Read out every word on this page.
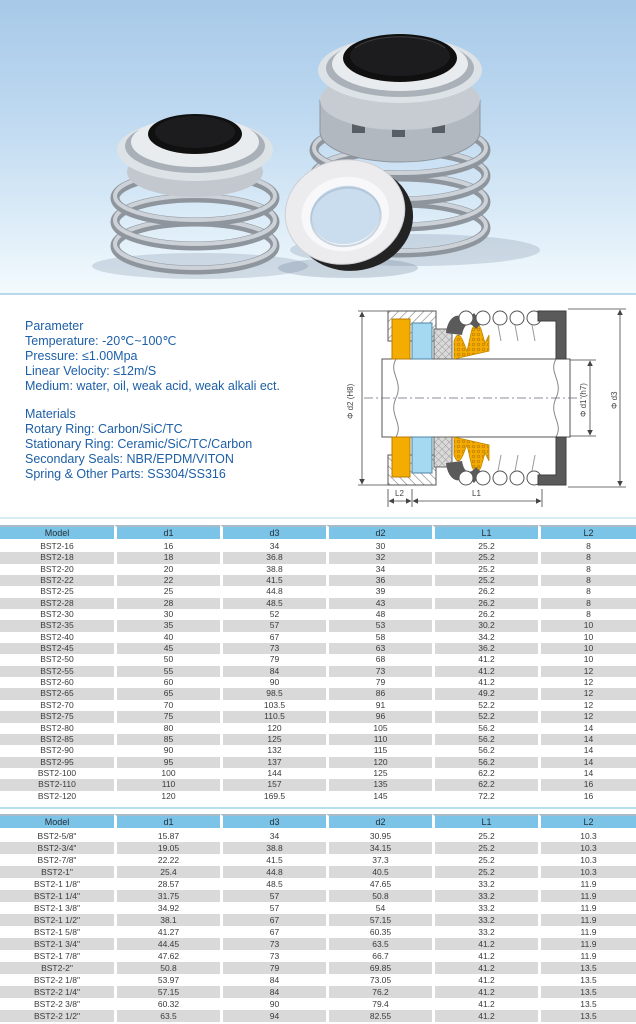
Parameter
Temperature: -20℃~100℃
Pressure: ≤1.00Mpa
Linear Velocity: ≤12m/S
Medium: water, oil, weak acid, weak alkali ect.
Materials
Rotary Ring: Carbon/SiC/TC
Stationary Ring: Ceramic/SiC/TC/Carbon
Secondary Seals: NBR/EPDM/VITON
Spring & Other Parts: SS304/SS316
Φ d2 (H8)	Φ d1 (h7)	Φ d3
L2	L1
Model	d1	d3	d2	L1	L2
BST2-16	16	34	30	25.2	8
BST2-18	18	36.8	32	25.2	8
BST2-20	20	38.8	34	25.2	8
BST2-22	22	41.5	36	25.2	8
BST2-25	25	44.8	39	26.2	8
BST2-28	28	48.5	43	26.2	8
BST2-30	30	52	48	26.2	8
BST2-35	35	57	53	30.2	10
BST2-40	40	67	58	34.2	10
BST2-45	45	73	63	36.2	10
BST2-50	50	79	68	41.2	10
BST2-55	55	84	73	41.2	12
BST2-60	60	90	79	41.2	12
BST2-65	65	98.5	86	49.2	12
BST2-70	70	103.5	91	52.2	12
BST2-75	75	110.5	96	52.2	12
BST2-80	80	120	105	56.2	14
BST2-85	85	125	110	56.2	14
BST2-90	90	132	115	56.2	14
BST2-95	95	137	120	56.2	14
BST2-100	100	144	125	62.2	14
BST2-110	110	157	135	62.2	16
BST2-120	120	169.5	145	72.2	16
Model	d1	d3	d2	L1	L2
BST2-5/8"	15.87	34	30.95	25.2	10.3
BST2-3/4"	19.05	38.8	34.15	25.2	10.3
BST2-7/8"	22.22	41.5	37.3	25.2	10.3
BST2-1"	25.4	44.8	40.5	25.2	10.3
BST2-1 1/8"	28.57	48.5	47.65	33.2	11.9
BST2-1 1/4"	31.75	57	50.8	33.2	11.9
BST2-1 3/8"	34.92	57	54	33.2	11.9
BST2-1 1/2"	38.1	67	57.15	33.2	11.9
BST2-1 5/8"	41.27	67	60.35	33.2	11.9
BST2-1 3/4"	44.45	73	63.5	41.2	11.9
BST2-1 7/8"	47.62	73	66.7	41.2	11.9
BST2-2"	50.8	79	69.85	41.2	13.5
BST2-2 1/8"	53.97	84	73.05	41.2	13.5
BST2-2 1/4"	57.15	84	76.2	41.2	13.5
BST2-2 3/8"	60.32	90	79.4	41.2	13.5
BST2-2 1/2"	63.5	94	82.55	41.2	13.5
